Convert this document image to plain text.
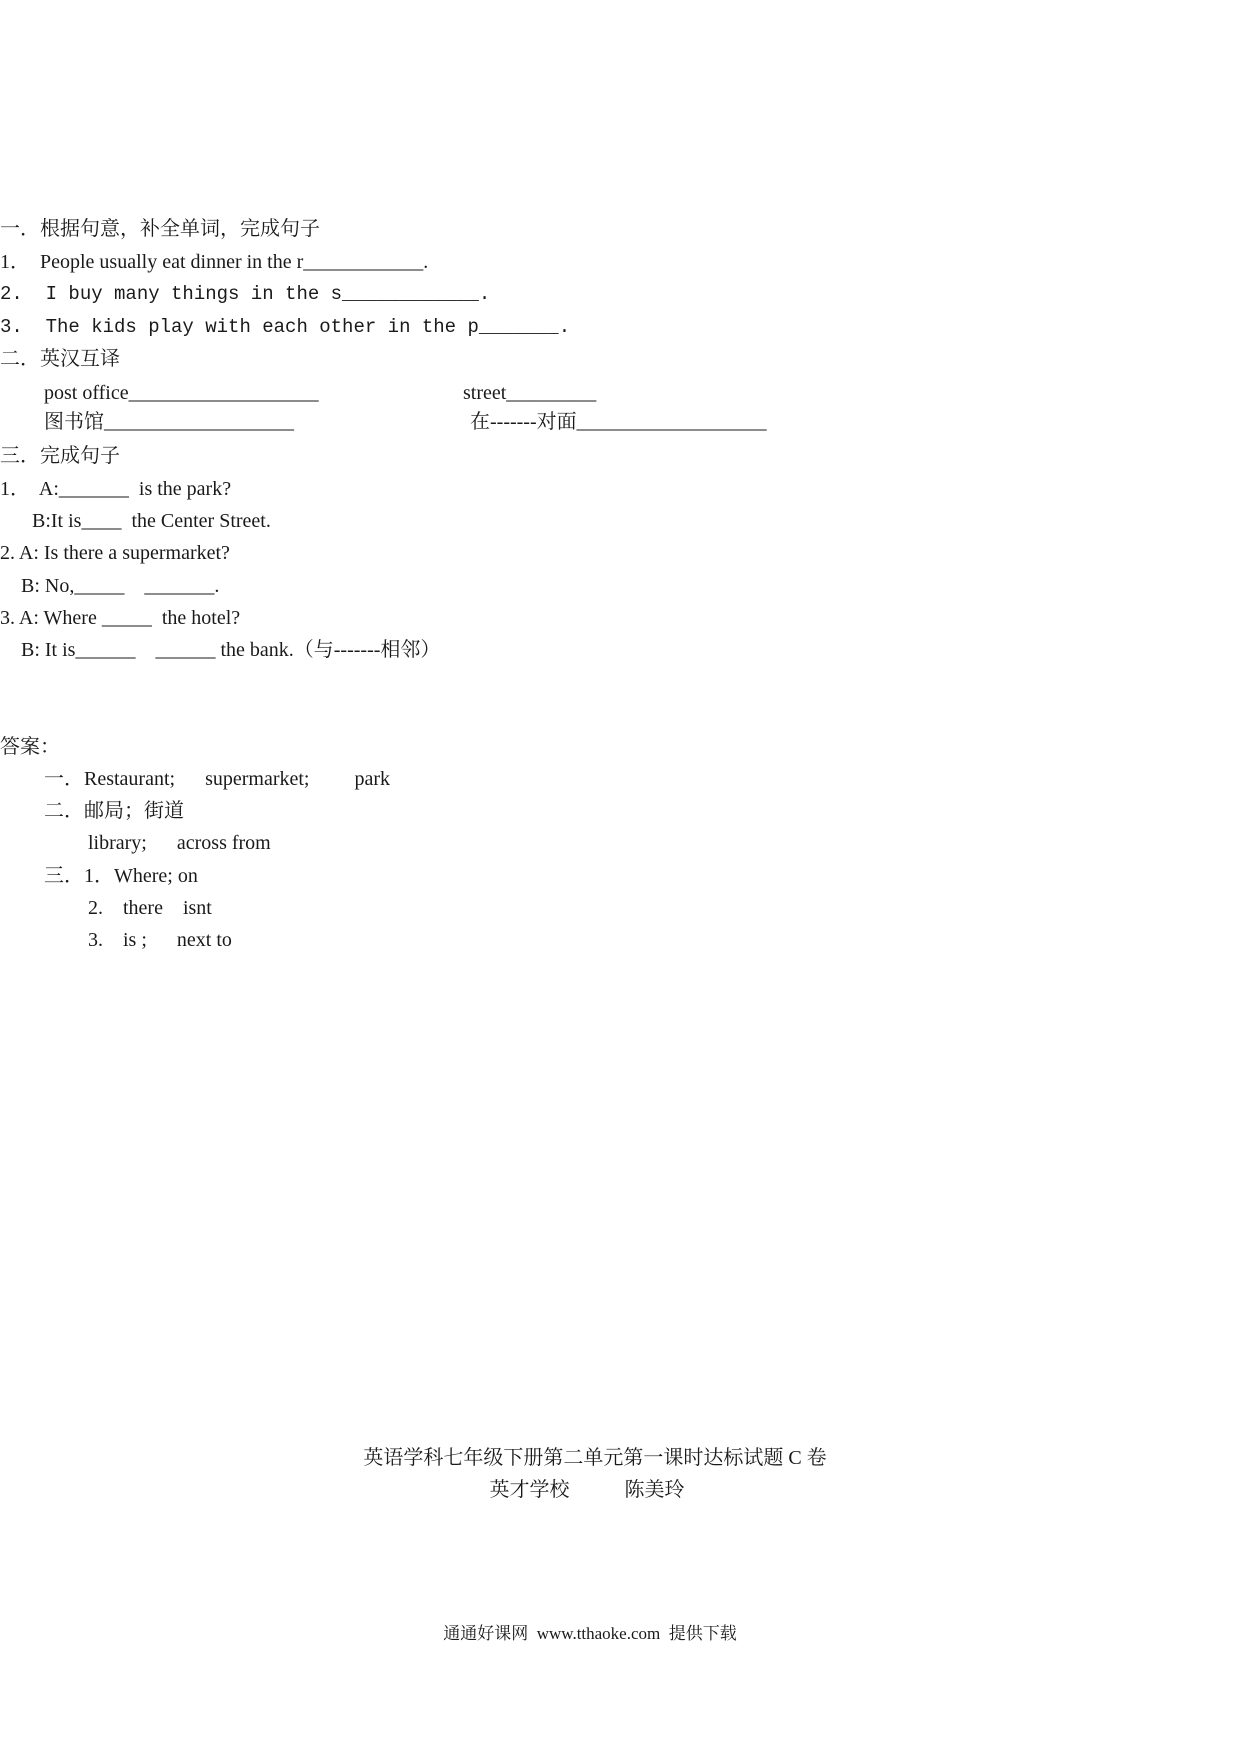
一．根据句意，补全单词，完成句子
1．  People usually eat dinner in the r____________.
2.  I buy many things in the s____________.
3.  The kids play with each other in the p_______.
二．英汉互译
post office___________________	street_________
图书馆___________________	在-------对面___________________
三．完成句子
1．  A:_______  is the park?
B:It is____  the Center Street.
2. A: Is there a supermarket?
B: No,_____    _______.
3. A: Where _____  the hotel?
B: It is______    ______ the bank.（与-------相邻）
答案：
一．Restaurant;      supermarket;         park
二．邮局；街道
library;      across from
三．1．Where; on
2.    there    isnt
3.    is ;      next to
英语学科七年级下册第二单元第一课时达标试题 C 卷
英才学校           陈美玲
通通好课网  www.tthaoke.com  提供下载
